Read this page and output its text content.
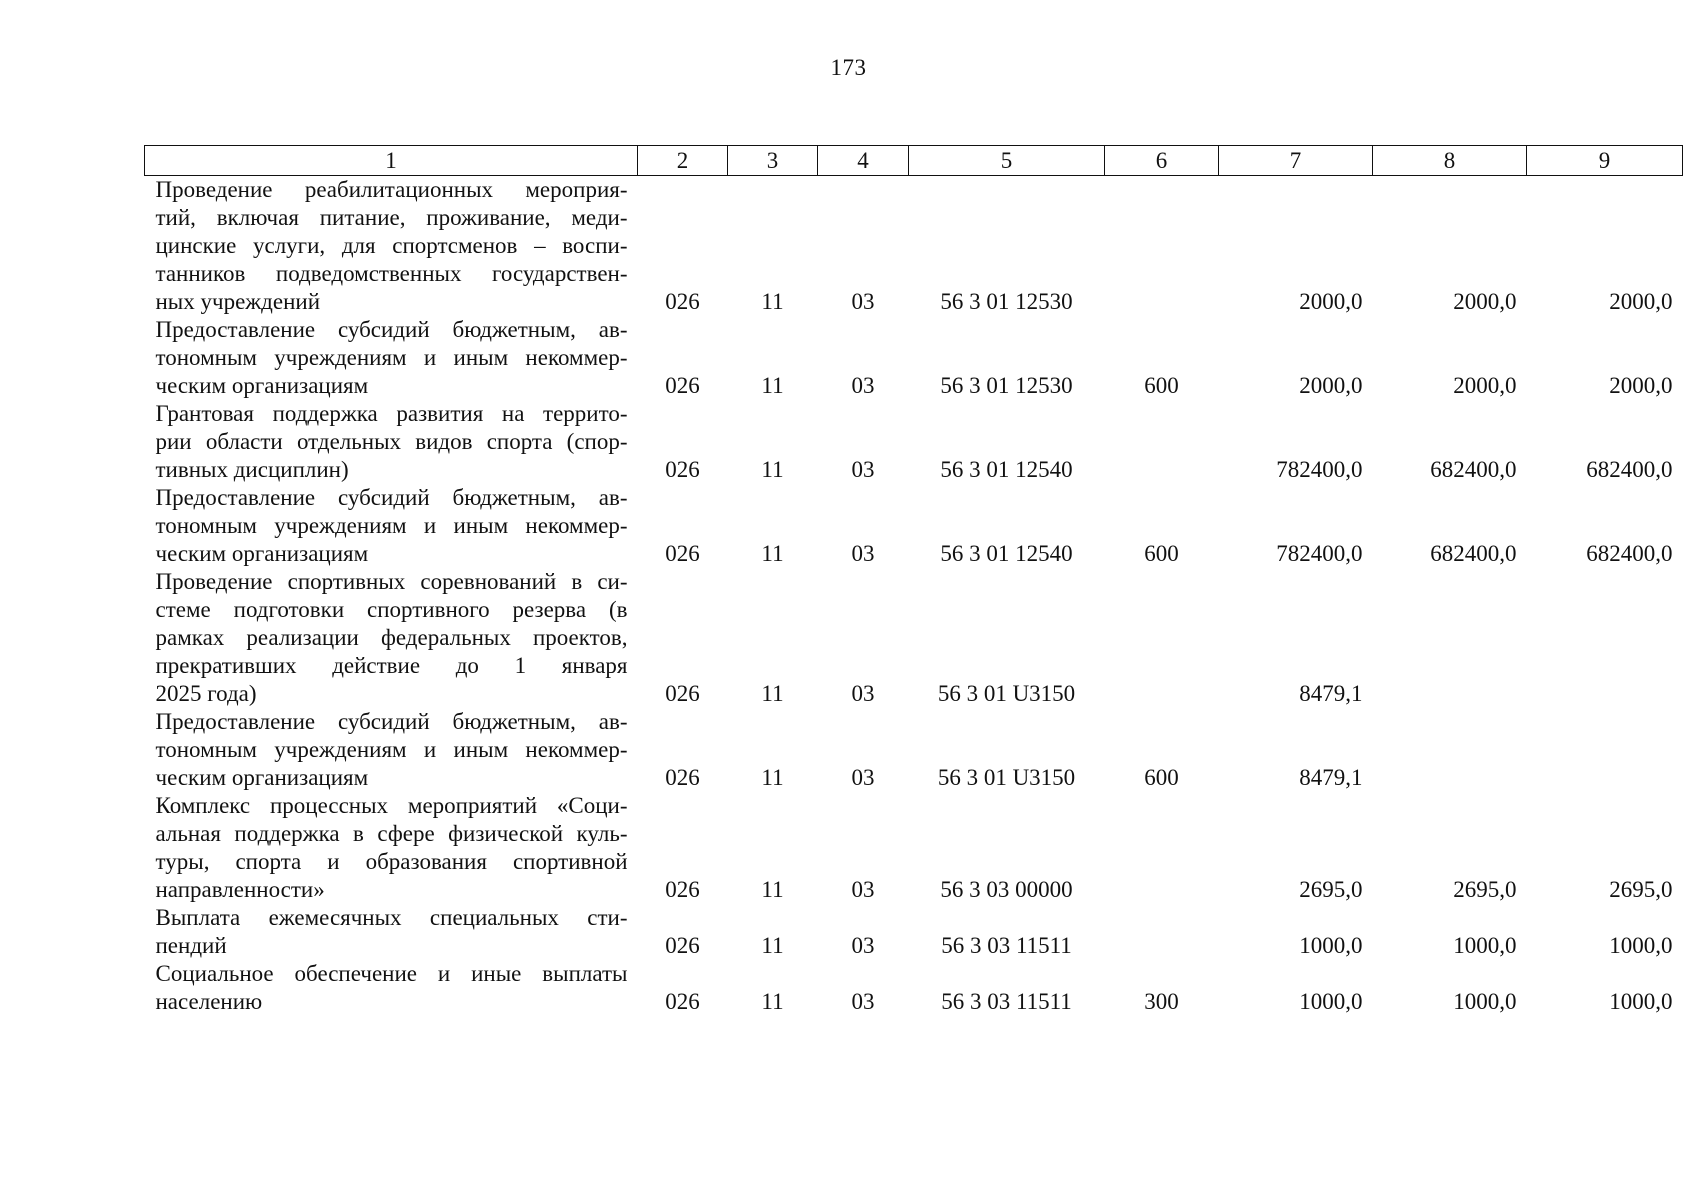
173
1	2	3	4	5	6	7	8	9

Проведение реабилитационных мероприя-
тий, включая питание, проживание, меди-
цинские услуги, для спортсменов – воспи-
танников подведомственных государствен-
ных учреждений	026	11	03	56 3 01 12530		2000,0	2000,0	2000,0

Предоставление субсидий бюджетным, ав-
тономным учреждениям и иным некоммер-
ческим организациям	026	11	03	56 3 01 12530	600	2000,0	2000,0	2000,0

Грантовая поддержка развития на террито-
рии области отдельных видов спорта (спор-
тивных дисциплин)	026	11	03	56 3 01 12540		782400,0	682400,0	682400,0

Предоставление субсидий бюджетным, ав-
тономным учреждениям и иным некоммер-
ческим организациям	026	11	03	56 3 01 12540	600	782400,0	682400,0	682400,0

Проведение спортивных соревнований в си-
стеме подготовки спортивного резерва (в
рамках реализации федеральных проектов,
прекративших действие до 1 января
2025 года)	026	11	03	56 3 01 U3150		8479,1		

Предоставление субсидий бюджетным, ав-
тономным учреждениям и иным некоммер-
ческим организациям	026	11	03	56 3 01 U3150	600	8479,1		

Комплекс процессных мероприятий «Соци-
альная поддержка в сфере физической куль-
туры, спорта и образования спортивной
направленности»	026	11	03	56 3 03 00000		2695,0	2695,0	2695,0

Выплата ежемесячных специальных сти-
пендий	026	11	03	56 3 03 11511		1000,0	1000,0	1000,0

Социальное обеспечение и иные выплаты
населению	026	11	03	56 3 03 11511	300	1000,0	1000,0	1000,0
